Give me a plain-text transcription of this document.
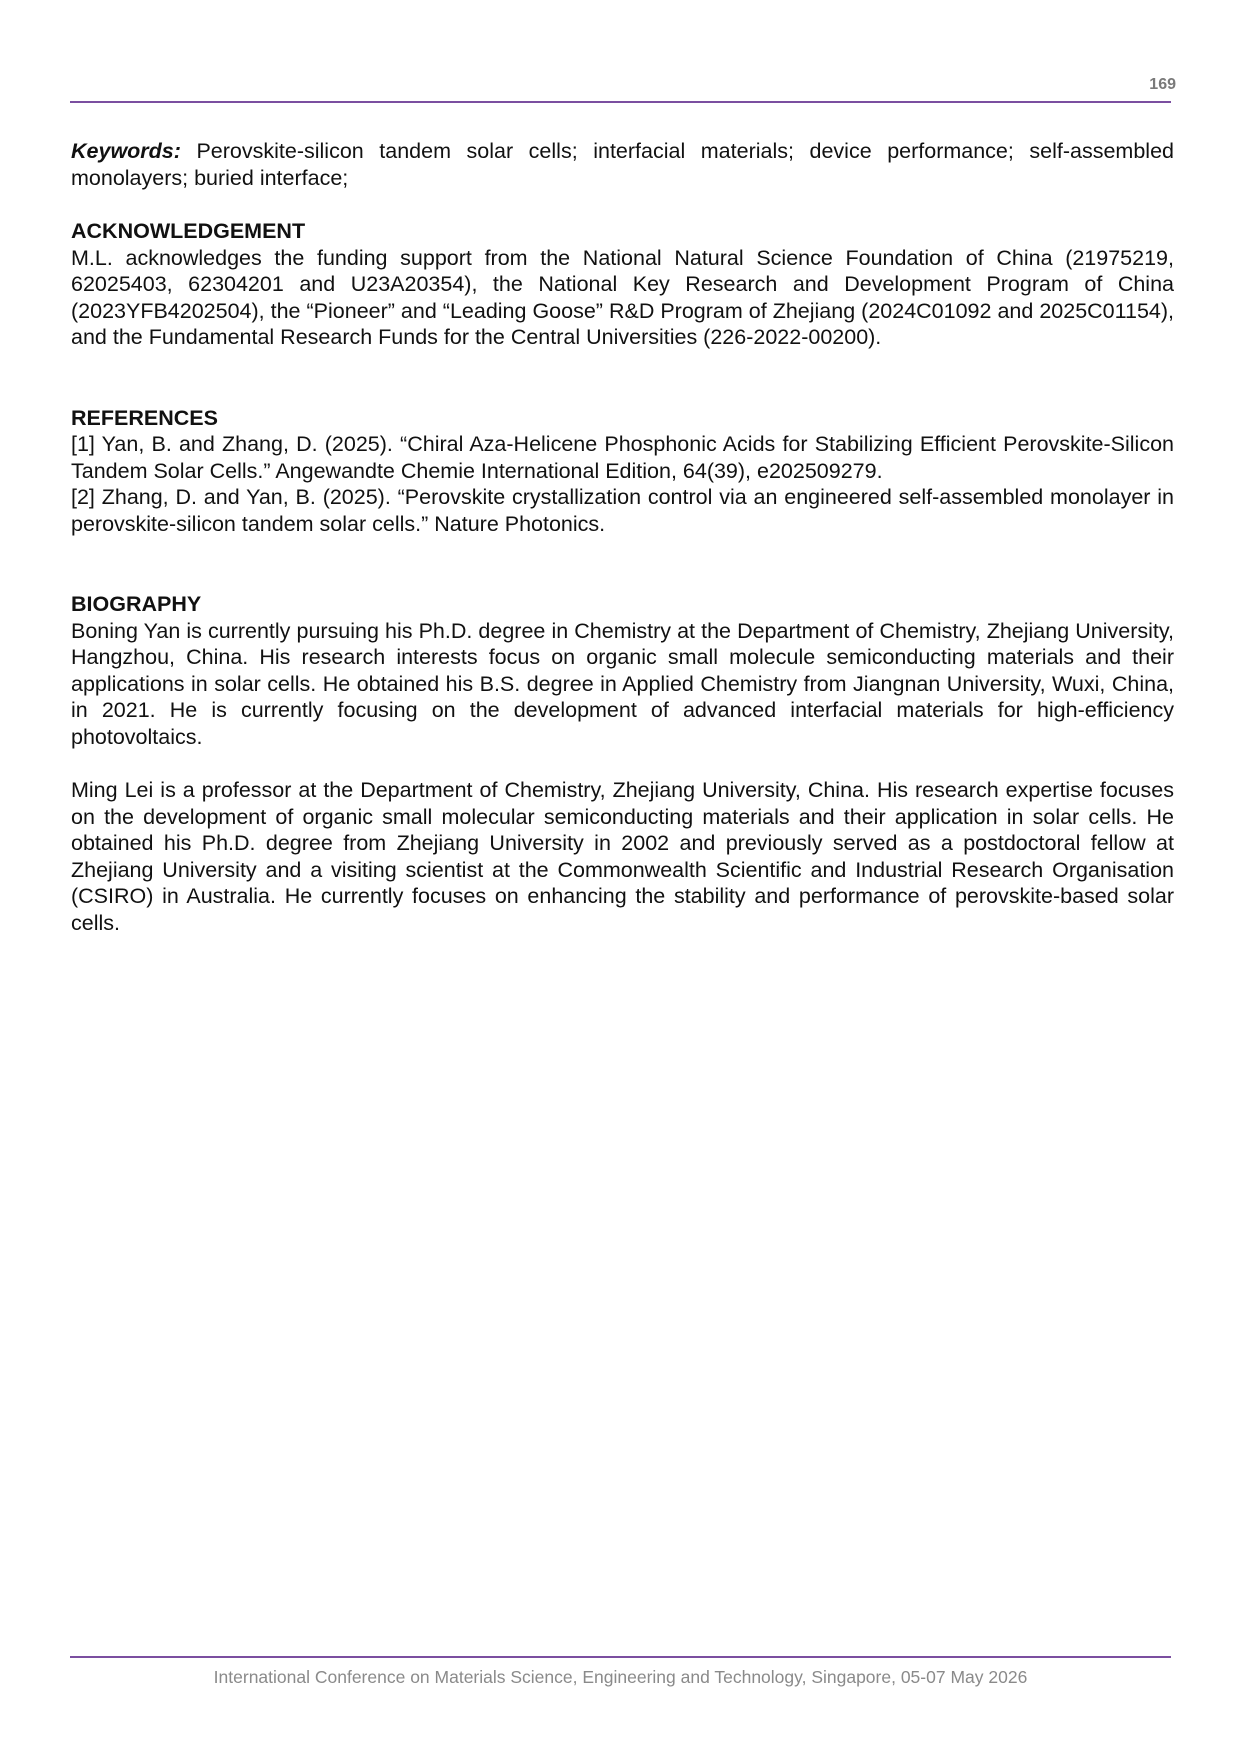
169

Keywords: Perovskite-silicon tandem solar cells; interfacial materials; device performance; self-assembled monolayers; buried interface;

ACKNOWLEDGEMENT

M.L. acknowledges the funding support from the National Natural Science Foundation of China (21975219, 62025403, 62304201 and U23A20354), the National Key Research and Development Program of China (2023YFB4202504), the “Pioneer” and “Leading Goose” R&D Program of Zhejiang (2024C01092 and 2025C01154), and the Fundamental Research Funds for the Central Universities (226-2022-00200).

REFERENCES

[1] Yan, B. and Zhang, D. (2025). “Chiral Aza-Helicene Phosphonic Acids for Stabilizing Efficient Perovskite-Silicon Tandem Solar Cells.” Angewandte Chemie International Edition, 64(39), e202509279.

[2] Zhang, D. and Yan, B. (2025). “Perovskite crystallization control via an engineered self-assembled monolayer in perovskite-silicon tandem solar cells.” Nature Photonics.

BIOGRAPHY

Boning Yan is currently pursuing his Ph.D. degree in Chemistry at the Department of Chemistry, Zhejiang University, Hangzhou, China. His research interests focus on organic small molecule semiconducting materials and their applications in solar cells. He obtained his B.S. degree in Applied Chemistry from Jiangnan University, Wuxi, China, in 2021. He is currently focusing on the development of advanced interfacial materials for high-efficiency photovoltaics.

Ming Lei is a professor at the Department of Chemistry, Zhejiang University, China. His research expertise focuses on the development of organic small molecular semiconducting materials and their application in solar cells. He obtained his Ph.D. degree from Zhejiang University in 2002 and previously served as a postdoctoral fellow at Zhejiang University and a visiting scientist at the Commonwealth Scientific and Industrial Research Organisation (CSIRO) in Australia. He currently focuses on enhancing the stability and performance of perovskite-based solar cells.

International Conference on Materials Science, Engineering and Technology, Singapore, 05-07 May 2026
